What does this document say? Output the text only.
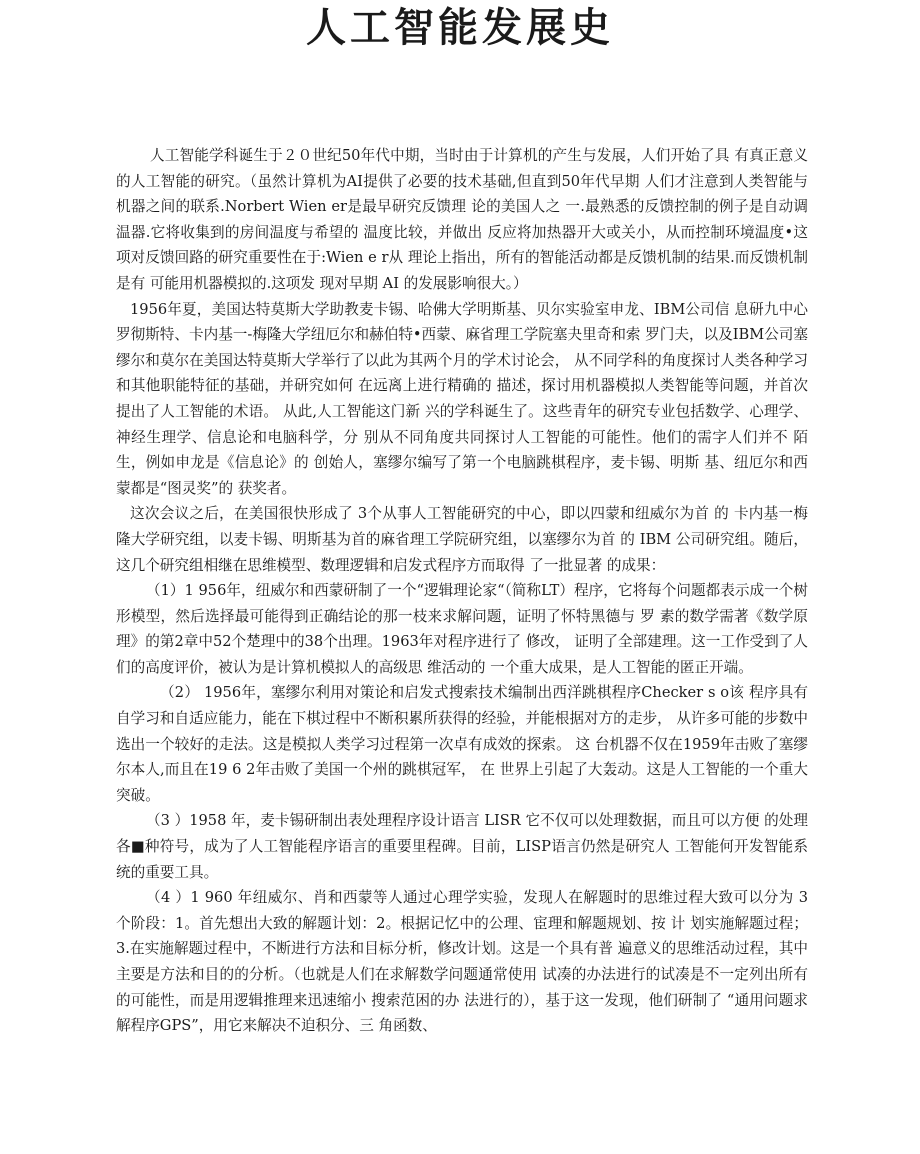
人工智能发展史

人工智能学科诞生于２０世纪50年代中期，当时由于计算机的产生与发展，人们开始了具 有真正意义的人工智能的研究。（虽然计算机为AI提供了必要的技术基础,但直到50年代早期 人们才注意到人类智能与机器之间的联系.Norbert Wien er是最早研究反馈理 论的美国人之 一.最熟悉的反馈控制的例子是自动调温器.它将收集到的房间温度与希望的 温度比较，并做出 反应将加热器开大或关小，从而控制环境温度•这项对反馈回路的研究重要性在于:Wien e r从 理论上指出，所有的智能活动都是反馈机制的结果.而反馈机制是有 可能用机器模拟的.这项发 现对早期 AI 的发展影响很大。）

1956年夏，美国达特莫斯大学助教麦卡锡、哈佛大学明斯基、贝尔实验室申龙、IBM公司信 息研九中心罗彻斯特、卡内基一-梅隆大学纽厄尔和赫伯特•西蒙、麻省理工学院塞夬里奇和索 罗门夫，以及IBM公司塞缪尔和莫尔在美国达特莫斯大学举行了以此为其两个月的学术讨论会， 从不同学科的角度探讨人类各种学习和其他职能特征的基础，并研究如何 在远离上进行精确的 描述，探讨用机器模拟人类智能等问题，并首次提出了人工智能的术语。 从此,人工智能这门新 兴的学科诞生了。这些青年的研究专业包括数学、心理学、神经生理学、信息论和电脑科学，分 别从不同角度共同探讨人工智能的可能性。他们的需字人们并不 陌生，例如申龙是《信息论》的 创始人，塞缪尔编写了第一个电脑跳棋程序，麦卡锡、明斯 基、纽厄尔和西蒙都是“图灵奖”的 获奖者。

这次会议之后，在美国很快形成了 3个从事人工智能研究的中心，即以四蒙和纽威尔为首 的 卡内基一梅隆大学研究组，以麦卡锡、明斯基为首的麻省理工学院研究组，以塞缪尔为首 的 IBM 公司研究组。随后，这几个研究组相继在思维模型、数理逻辑和启发式程序方而取得 了一批显著 的成果：

（1）1 956年，纽威尔和西蒙研制了一个“逻辑理论家“（简称LT）程序，它将每个问题都表示成一个树形模型，然后选择最可能得到正确结论的那一枝来求解问题，证明了怀特黑德与 罗 素的数学需著《数学原理》的第2章中52个楚理中的38个出理。1963年对程序进行了 修改， 证明了全部建理。这一工作受到了人们的高度评价，被认为是计算机模拟人的高级思 维活动的 一个重大成果，是人工智能的匿正开端。

（2） 1956年，塞缪尔利用对策论和启发式搜索技术编制出西洋跳棋程序Checker s o该 程序具有自学习和自适应能力，能在下棋过程中不断积累所获得的经验，并能根据对方的走步， 从许多可能的步数中选出一个较好的走法。这是模拟人类学习过程第一次卓有成效的探索。 这 台机器不仅在1959年击败了塞缪尔本人,而且在19 6 2年击败了美国一个州的跳棋冠军， 在 世界上引起了大轰动。这是人工智能的一个重大突破。

（3 ）1958 年，麦卡锡研制出表处理程序设计语言 LISR 它不仅可以处理数据，而且可以方便 的处理各■种符号，成为了人工智能程序语言的重要里程碑。目前，LISP语言仍然是研究人 工智能何开发智能系统的重要工具。

（4 ）1 960 年纽威尔、肖和西蒙等人通过心理学实验，发现人在解题时的思维过程大致可以分为 3 个阶段：1。首先想出大致的解题计划：2。根据记忆中的公理、宦理和解题规划、按 计 划实施解题过程；3.在实施解题过程中，不断进行方法和目标分析，修改计划。这是一个具有普 遍意义的思维活动过程，其中主要是方法和目的的分析。（也就是人们在求解数学问题通常使用 试凑的办法进行的试凑是不一定列出所有的可能性，而是用逻辑推理来迅速缩小 搜索范困的办 法进行的），基于这一发现，他们研制了 “通用问题求解程序GPS”，用它来解决不迫积分、三 角函数、
